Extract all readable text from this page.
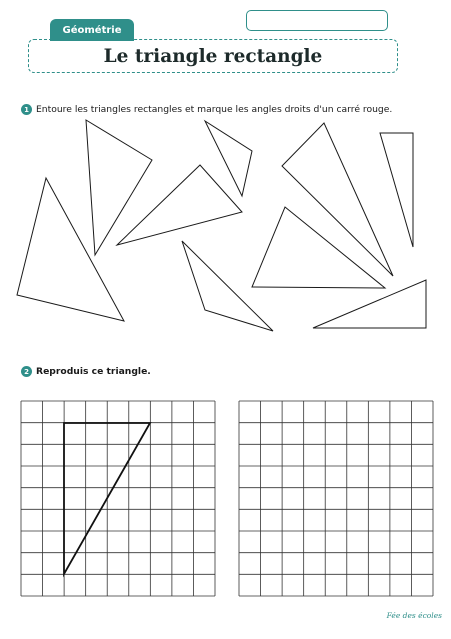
Géométrie
Le triangle rectangle
1 Entoure les triangles rectangles et marque les angles droits d'un carré rouge.
2 Reproduis ce triangle.
Fée des écoles
